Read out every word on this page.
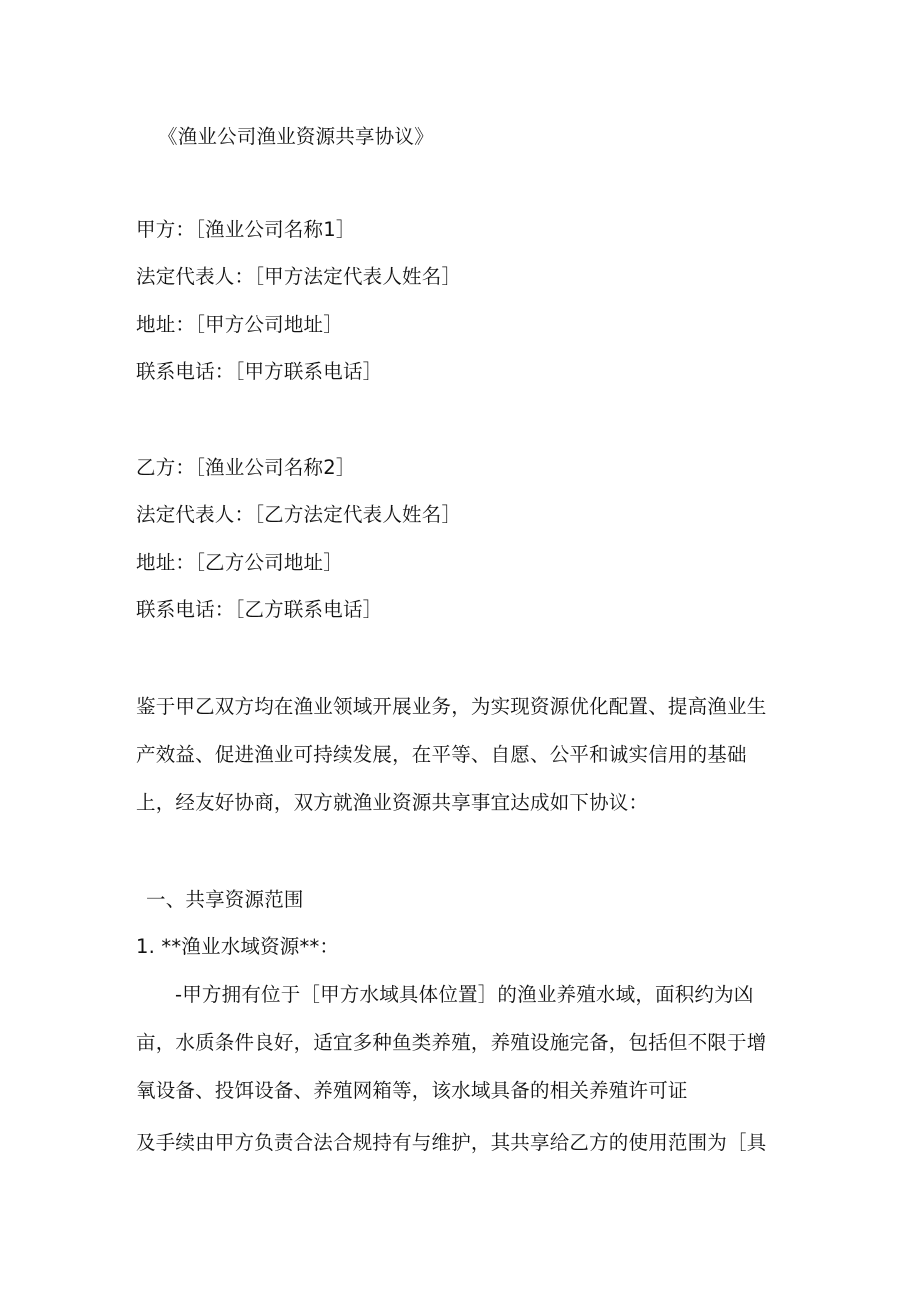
《渔业公司渔业资源共享协议》
甲方：［渔业公司名称1］
法定代表人：［甲方法定代表人姓名］
地址：［甲方公司地址］
联系电话：［甲方联系电话］
乙方：［渔业公司名称2］
法定代表人：［乙方法定代表人姓名］
地址：［乙方公司地址］
联系电话：［乙方联系电话］
鉴于甲乙双方均在渔业领域开展业务，为实现资源优化配置、提高渔业生
产效益、促进渔业可持续发展，在平等、自愿、公平和诚实信用的基础
上，经友好协商，双方就渔业资源共享事宜达成如下协议：
一、共享资源范围
1. **渔业水域资源**：
-甲方拥有位于［甲方水域具体位置］的渔业养殖水域，面积约为凶
亩，水质条件良好，适宜多种鱼类养殖，养殖设施完备，包括但不限于增
氧设备、投饵设备、养殖网箱等，该水域具备的相关养殖许可证
及手续由甲方负责合法合规持有与维护，其共享给乙方的使用范围为［具
